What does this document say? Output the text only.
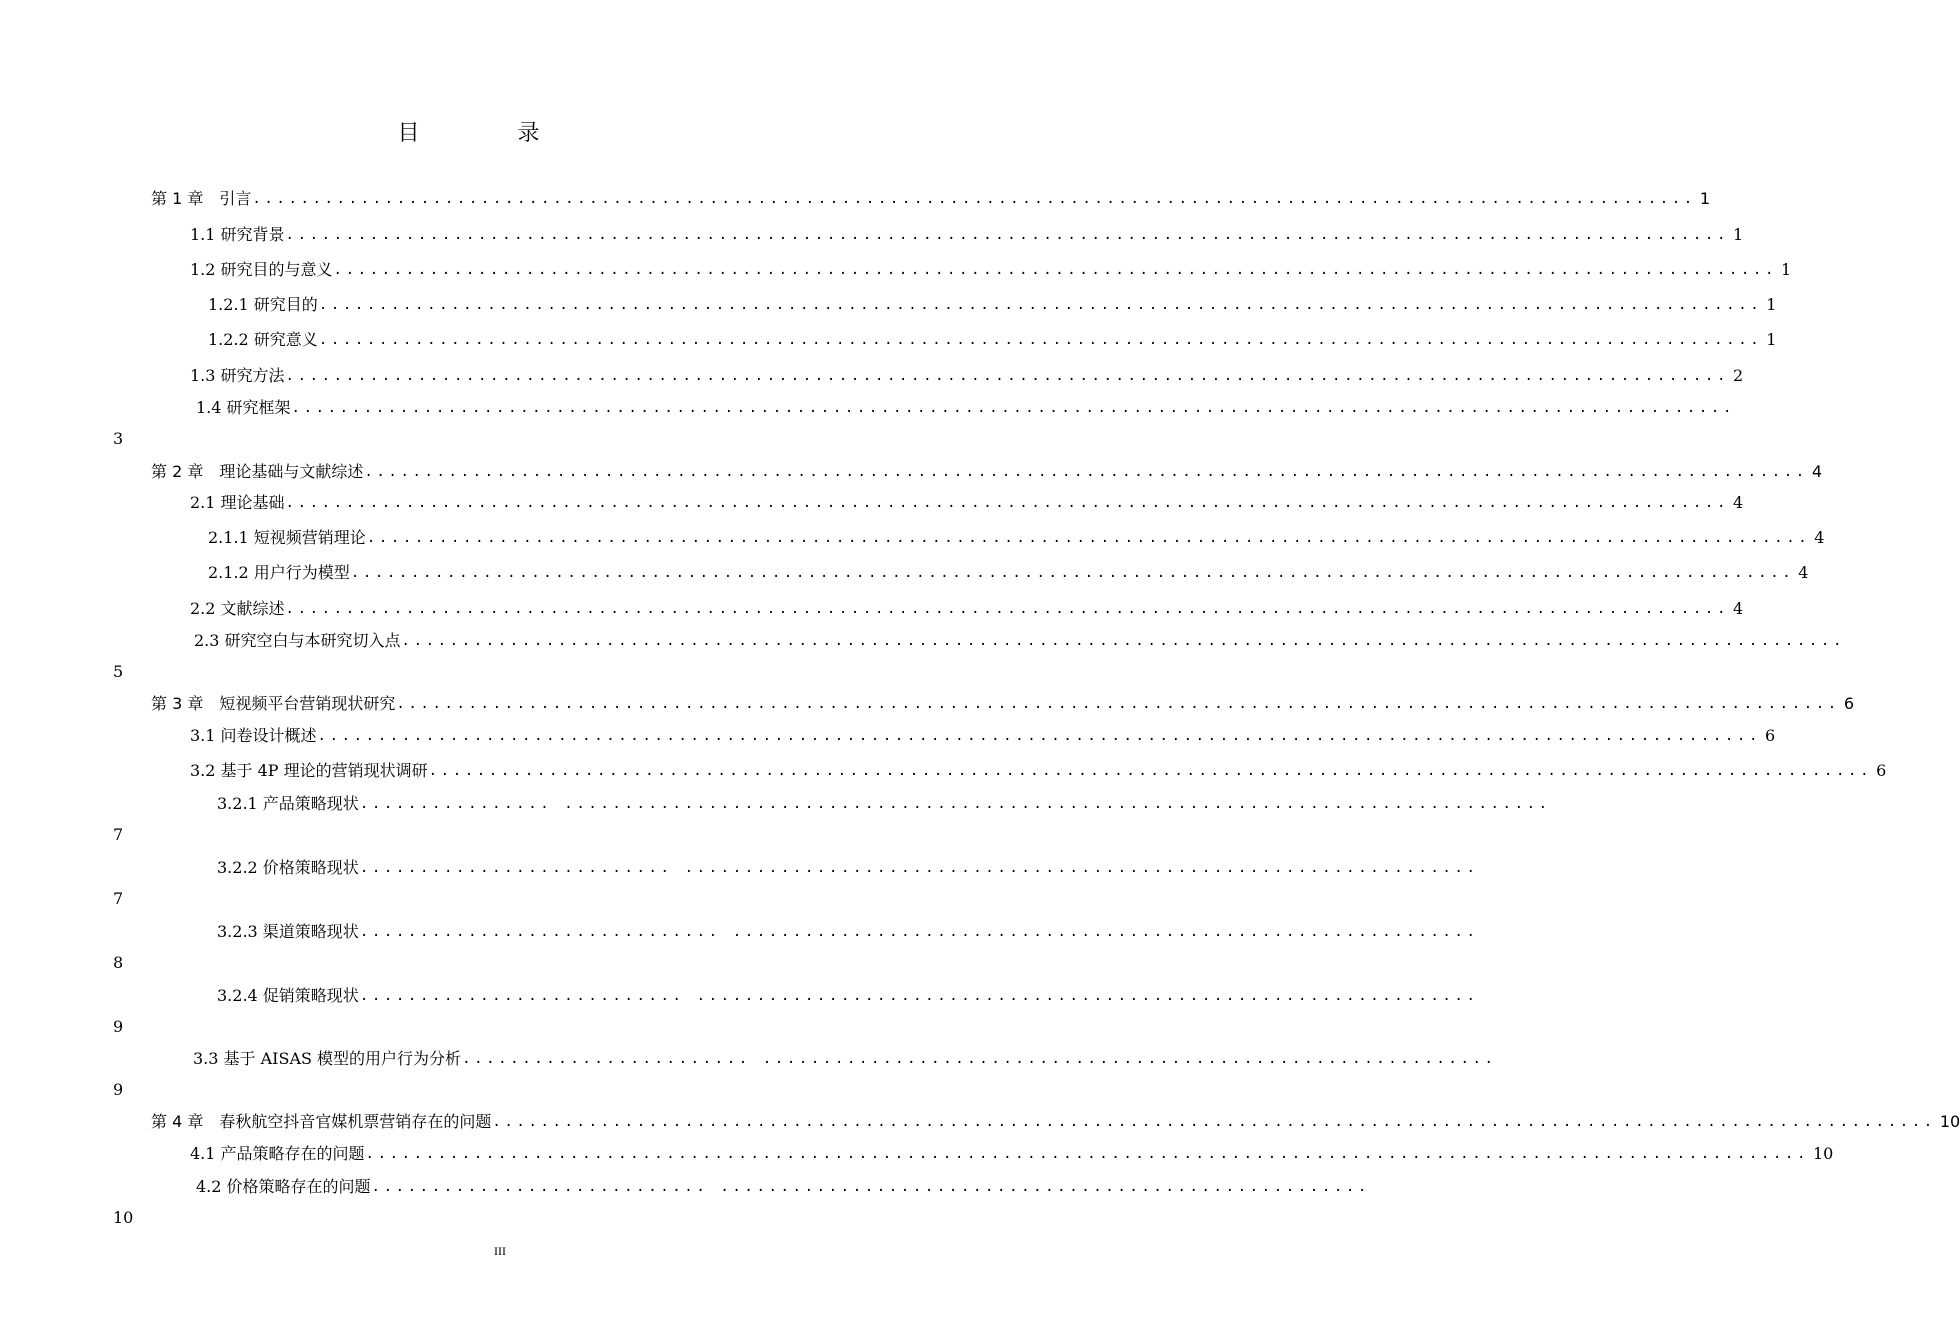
目　录
第 1 章　引言 ........................................................................................................................ 1
1.1 研究背景 ........................................................................................................................ 1
1.2 研究目的与意义 ........................................................................................................................ 1
1.2.1 研究目的 ........................................................................................................................ 1
1.2.2 研究意义 ........................................................................................................................ 1
1.3 研究方法 ........................................................................................................................ 2
1.4 研究框架 ........................................................................................................................
3
第 2 章　理论基础与文献综述 ........................................................................................................................ 4
2.1 理论基础 ........................................................................................................................ 4
2.1.1 短视频营销理论 ........................................................................................................................ 4
2.1.2 用户行为模型 ........................................................................................................................ 4
2.2 文献综述 ........................................................................................................................ 4
2.3 研究空白与本研究切入点 ........................................................................................................................
5
第 3 章　短视频平台营销现状研究 ........................................................................................................................ 6
3.1 问卷设计概述 ........................................................................................................................ 6
3.2 基于 4P 理论的营销现状调研 ........................................................................................................................ 6
3.2.1 产品策略现状 ................ ..................................................................................
7
3.2.2 价格策略现状 .......................... ..................................................................
7
3.2.3 渠道策略现状 .............................. ..............................................................
8
3.2.4 促销策略现状 ........................... .................................................................
9
3.3 基于 AISAS 模型的用户行为分析 ........................ .............................................................
9
第 4 章　春秋航空抖音官媒机票营销存在的问题 ........................................................................................................................ 10
4.1 产品策略存在的问题 ........................................................................................................................ 10
4.2 价格策略存在的问题 ............................ ......................................................
10
III
